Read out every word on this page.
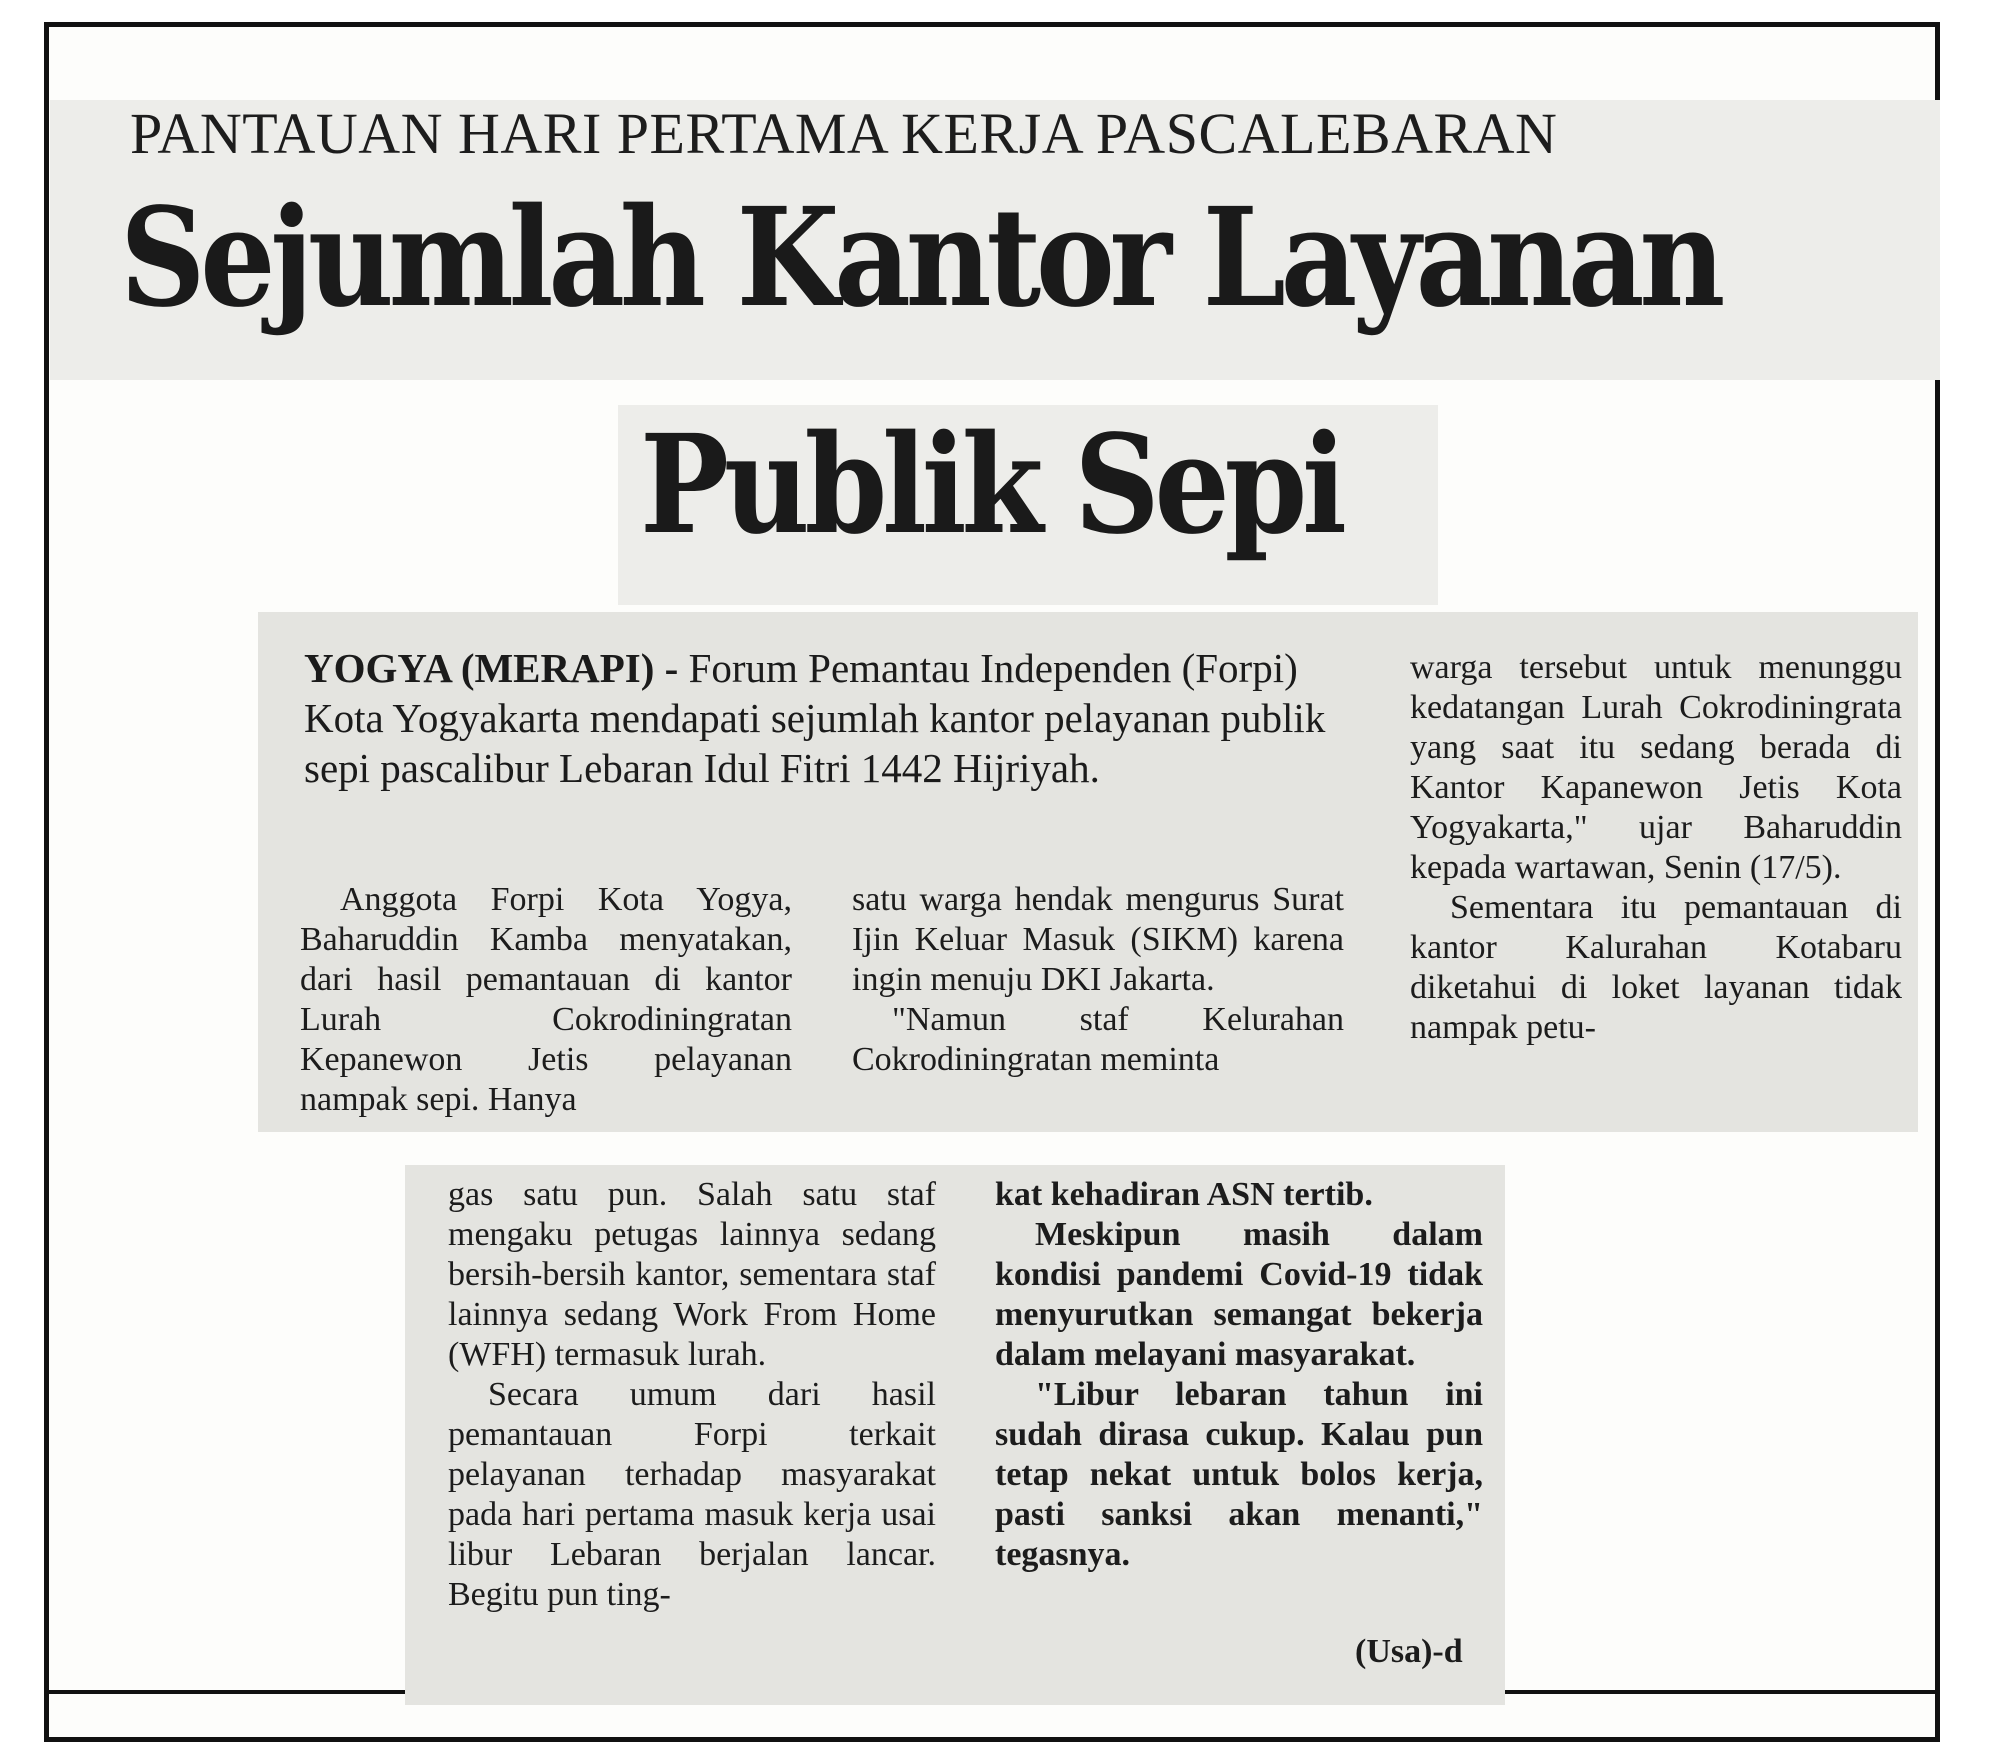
PANTAUAN HARI PERTAMA KERJA PASCALEBARAN
Sejumlah Kantor Layanan
Publik Sepi
YOGYA (MERAPI) - Forum Pemantau Independen (Forpi) Kota Yogyakarta mendapati sejumlah kantor pelayanan publik sepi pascalibur Lebaran Idul Fitri 1442 Hijriyah.

Anggota Forpi Kota Yogya, Baharuddin Kamba menyatakan, dari hasil pemantauan di kantor Lurah Cokrodiningratan Kepanewon Jetis pelayanan nampak sepi. Hanya

satu warga hendak mengurus Surat Ijin Keluar Masuk (SIKM) karena ingin menuju DKI Jakarta.

"Namun staf Kelurahan Cokrodiningratan meminta

warga tersebut untuk menunggu kedatangan Lurah Cokrodiningrata yang saat itu sedang berada di Kantor Kapanewon Jetis Kota Yogyakarta," ujar Baharuddin kepada wartawan, Senin (17/5).

Sementara itu pemantauan di kantor Kalurahan Kotabaru diketahui di loket layanan tidak nampak petu-

gas satu pun. Salah satu staf mengaku petugas lainnya sedang bersih-bersih kantor, sementara staf lainnya sedang Work From Home (WFH) termasuk lurah.

Secara umum dari hasil pemantauan Forpi terkait pelayanan terhadap masyarakat pada hari pertama masuk kerja usai libur Lebaran berjalan lancar. Begitu pun ting-

kat kehadiran ASN tertib.

Meskipun masih dalam kondisi pandemi Covid-19 tidak menyurutkan semangat bekerja dalam melayani masyarakat.

"Libur lebaran tahun ini sudah dirasa cukup. Kalau pun tetap nekat untuk bolos kerja, pasti sanksi akan menanti," tegasnya.

(Usa)-d
